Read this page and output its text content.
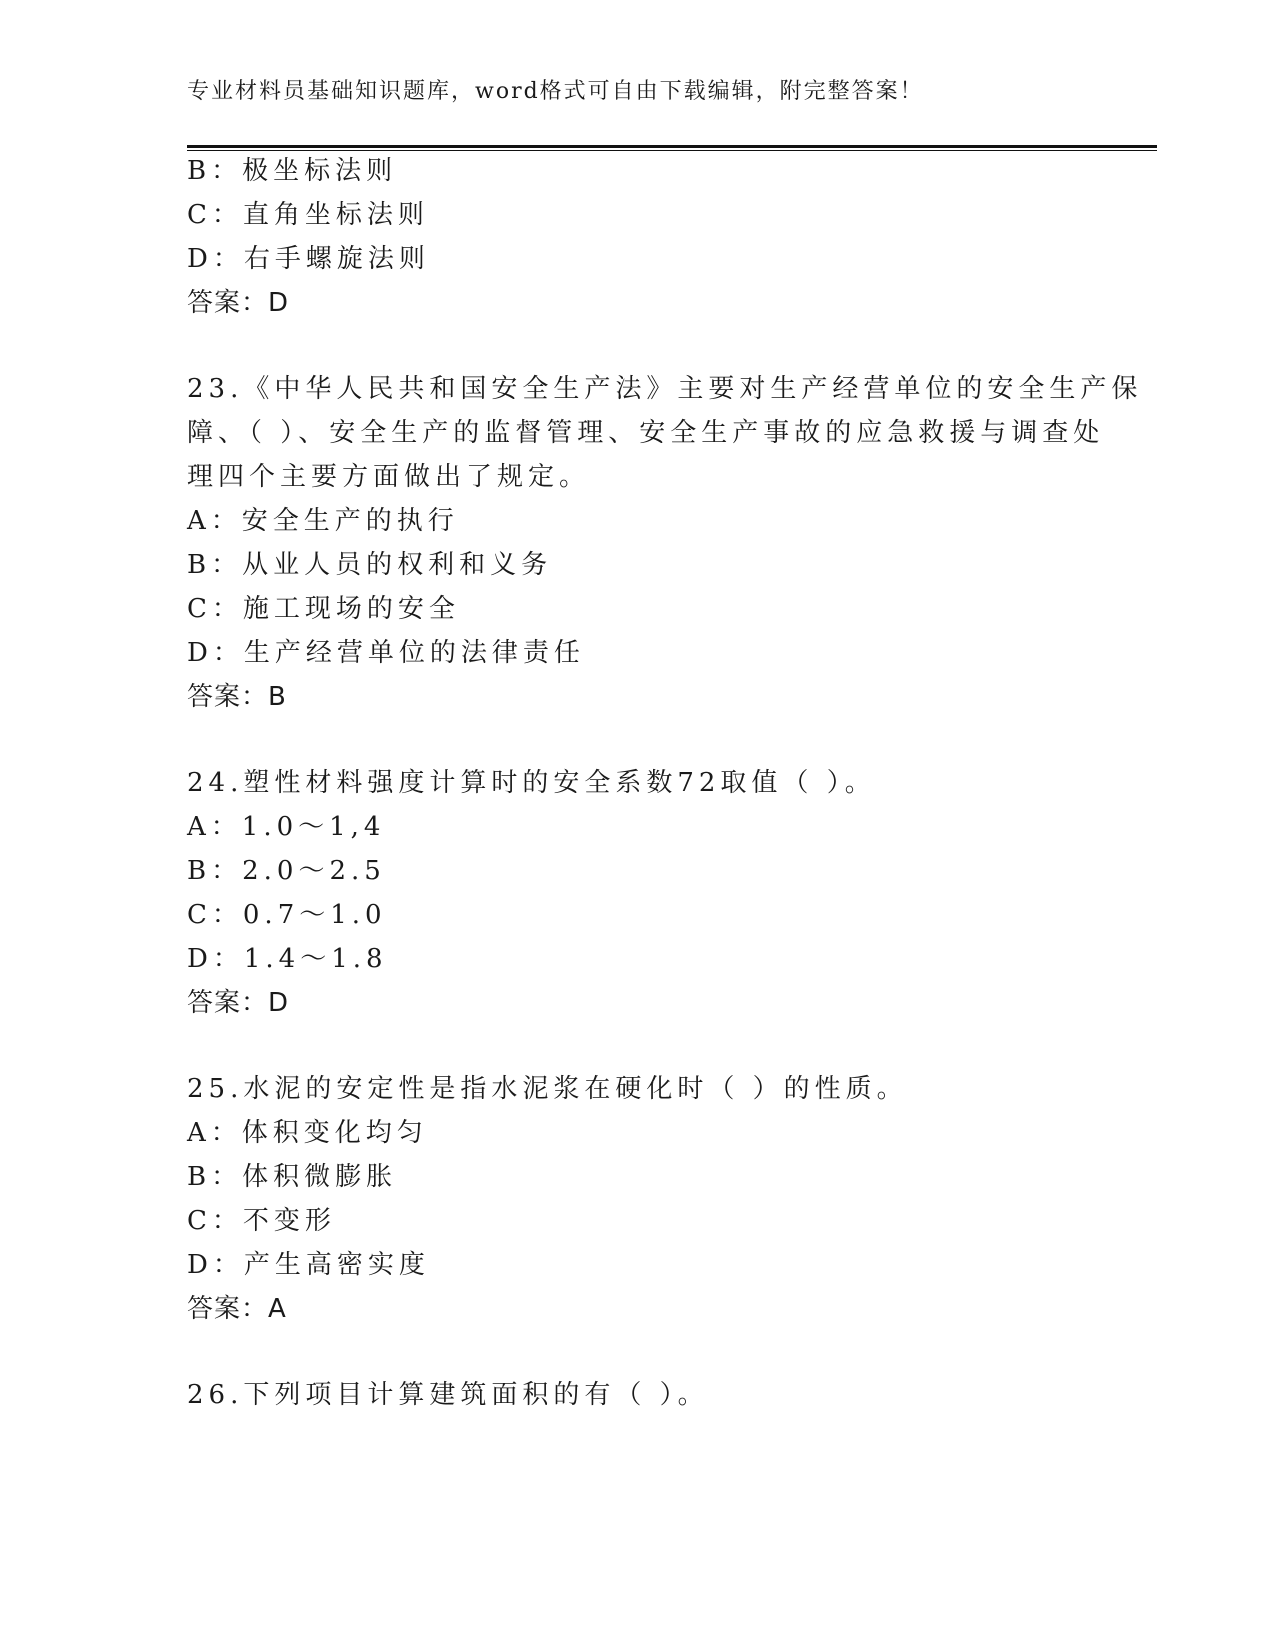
专业材料员基础知识题库，word格式可自由下载编辑，附完整答案！
B：极坐标法则
C：直角坐标法则
D：右手螺旋法则
答案：D
23.《中华人民共和国安全生产法》主要对生产经营单位的安全生产保
障、（ ）、安全生产的监督管理、安全生产事故的应急救援与调查处
理四个主要方面做出了规定。
A：安全生产的执行
B：从业人员的权利和义务
C：施工现场的安全
D：生产经营单位的法律责任
答案：B
24.塑性材料强度计算时的安全系数72取值（ ）。
A：1.0～1,4
B：2.0～2.5
C：0.7～1.0
D：1.4～1.8
答案：D
25.水泥的安定性是指水泥浆在硬化时（ ）的性质。
A：体积变化均匀
B：体积微膨胀
C：不变形
D：产生高密实度
答案：A
26.下列项目计算建筑面积的有（ ）。
